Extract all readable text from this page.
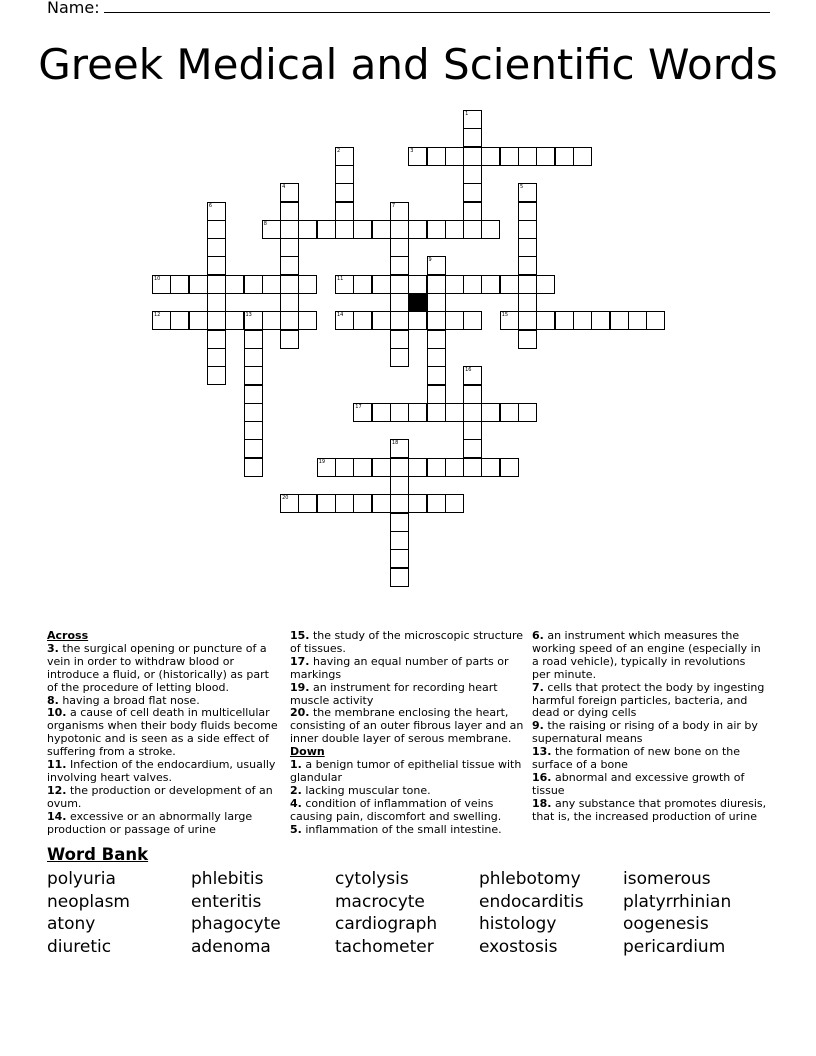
Name:
Greek Medical and Scientific Words
1
2	3
4	5
6	7
8
9
10	11
12	13	14	15
16
17
18
19
20
Across
3. the surgical opening or puncture of a vein in order to withdraw blood or introduce a fluid, or (historically) as part of the procedure of letting blood.
8. having a broad flat nose.
10. a cause of cell death in multicellular organisms when their body fluids become hypotonic and is seen as a side effect of suffering from a stroke.
11. Infection of the endocardium, usually involving heart valves.
12. the production or development of an ovum.
14. excessive or an abnormally large production or passage of urine
15. the study of the microscopic structure of tissues.
17. having an equal number of parts or markings
19. an instrument for recording heart muscle activity
20. the membrane enclosing the heart, consisting of an outer fibrous layer and an inner double layer of serous membrane.
Down
1. a benign tumor of epithelial tissue with glandular
2. lacking muscular tone.
4. condition of inflammation of veins causing pain, discomfort and swelling.
5. inflammation of the small intestine.
6. an instrument which measures the working speed of an engine (especially in a road vehicle), typically in revolutions per minute.
7. cells that protect the body by ingesting harmful foreign particles, bacteria, and dead or dying cells
9. the raising or rising of a body in air by supernatural means
13. the formation of new bone on the surface of a bone
16. abnormal and excessive growth of tissue
18. any substance that promotes diuresis, that is, the increased production of urine
Word Bank
polyuria	phlebitis	cytolysis	phlebotomy	isomerous
neoplasm	enteritis	macrocyte	endocarditis	platyrrhinian
atony	phagocyte	cardiograph	histology	oogenesis
diuretic	adenoma	tachometer	exostosis	pericardium
